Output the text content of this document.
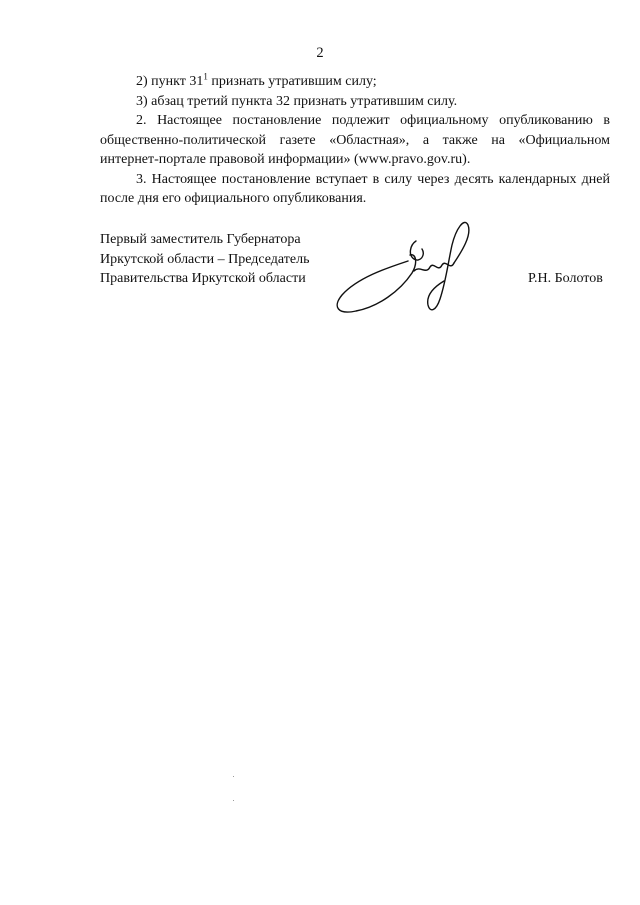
2

2) пункт $31^1$ признать утратившим силу;

3) абзац третий пункта 32 признать утратившим силу.

2. Настоящее постановление подлежит официальному опубликованию в общественно-политической газете «Областная», а также на «Официальном интернет-портале правовой информации» (www.pravo.gov.ru).

3. Настоящее постановление вступает в силу через десять календарных дней после дня его официального опубликования.

Первый заместитель Губернатора
Иркутской области – Председатель
Правительства Иркутской области	Р.Н. Болотов
